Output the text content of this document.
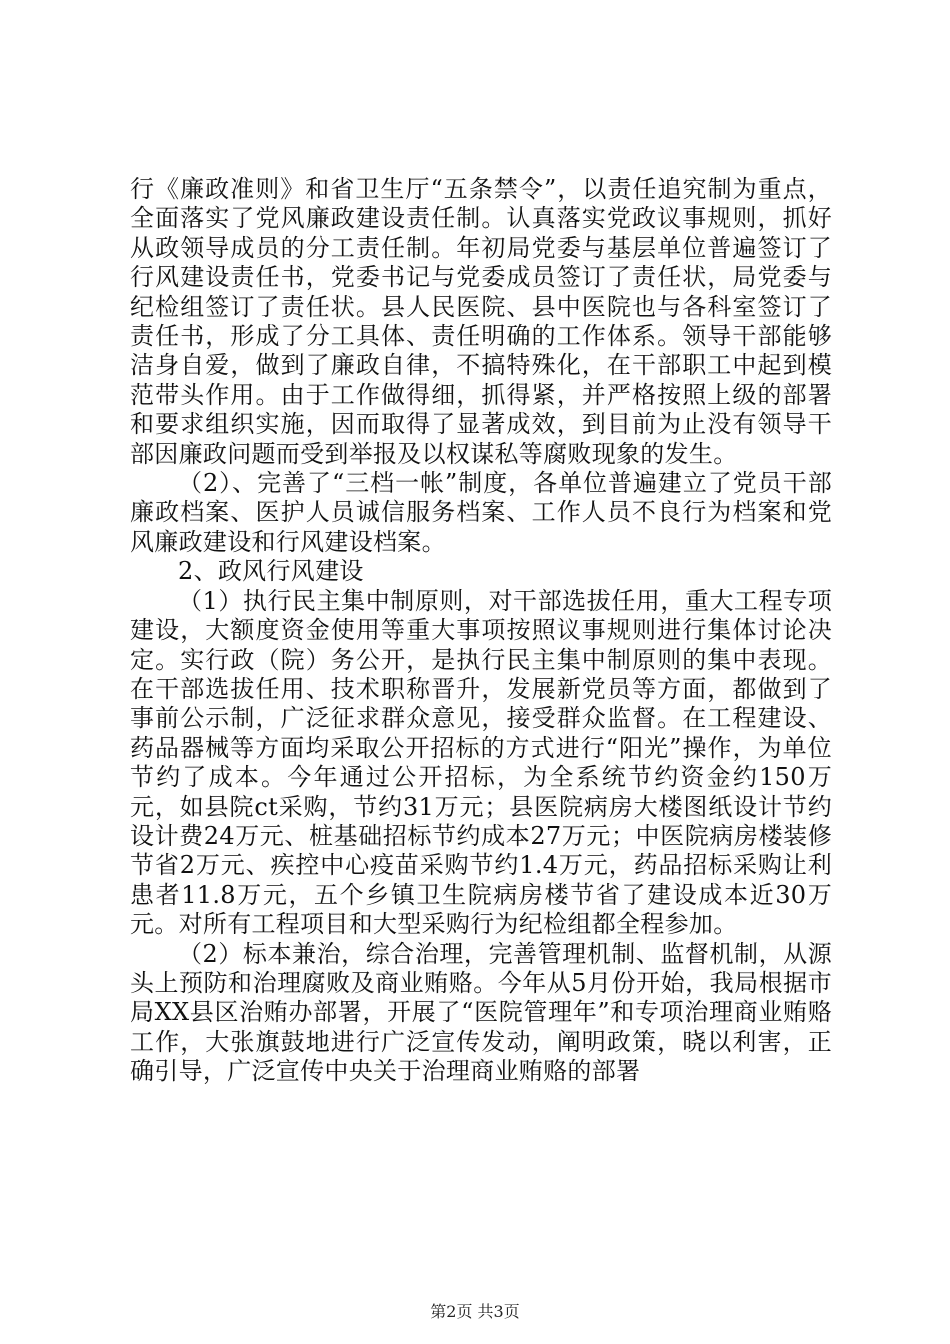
行《廉政准则》和省卫生厅“五条禁令”，以责任追究制为重点，全面落实了党风廉政建设责任制。认真落实党政议事规则，抓好从政领导成员的分工责任制。年初局党委与基层单位普遍签订了行风建设责任书，党委书记与党委成员签订了责任状，局党委与纪检组签订了责任状。县人民医院、县中医院也与各科室签订了责任书，形成了分工具体、责任明确的工作体系。领导干部能够洁身自爱，做到了廉政自律，不搞特殊化，在干部职工中起到模范带头作用。由于工作做得细，抓得紧，并严格按照上级的部署和要求组织实施，因而取得了显著成效，到目前为止没有领导干部因廉政问题而受到举报及以权谋私等腐败现象的发生。

（2）、完善了“三档一帐”制度，各单位普遍建立了党员干部廉政档案、医护人员诚信服务档案、工作人员不良行为档案和党风廉政建设和行风建设档案。

2、政风行风建设

（1）执行民主集中制原则，对干部选拔任用，重大工程专项建设，大额度资金使用等重大事项按照议事规则进行集体讨论决定。实行政（院）务公开，是执行民主集中制原则的集中表现。在干部选拔任用、技术职称晋升，发展新党员等方面，都做到了事前公示制，广泛征求群众意见，接受群众监督。在工程建设、药品器械等方面均采取公开招标的方式进行“阳光”操作，为单位节约了成本。今年通过公开招标，为全系统节约资金约150万元，如县院ct采购，节约31万元；县医院病房大楼图纸设计节约设计费24万元、桩基础招标节约成本27万元；中医院病房楼装修节省2万元、疾控中心疫苗采购节约1.4万元，药品招标采购让利患者11.8万元，五个乡镇卫生院病房楼节省了建设成本近30万元。对所有工程项目和大型采购行为纪检组都全程参加。

（2）标本兼治，综合治理，完善管理机制、监督机制，从源头上预防和治理腐败及商业贿赂。今年从5月份开始，我局根据市局XX县区治贿办部署，开展了“医院管理年”和专项治理商业贿赂工作，大张旗鼓地进行广泛宣传发动，阐明政策，晓以利害，正确引导，广泛宣传中央关于治理商业贿赂的部署

第2页 共3页
